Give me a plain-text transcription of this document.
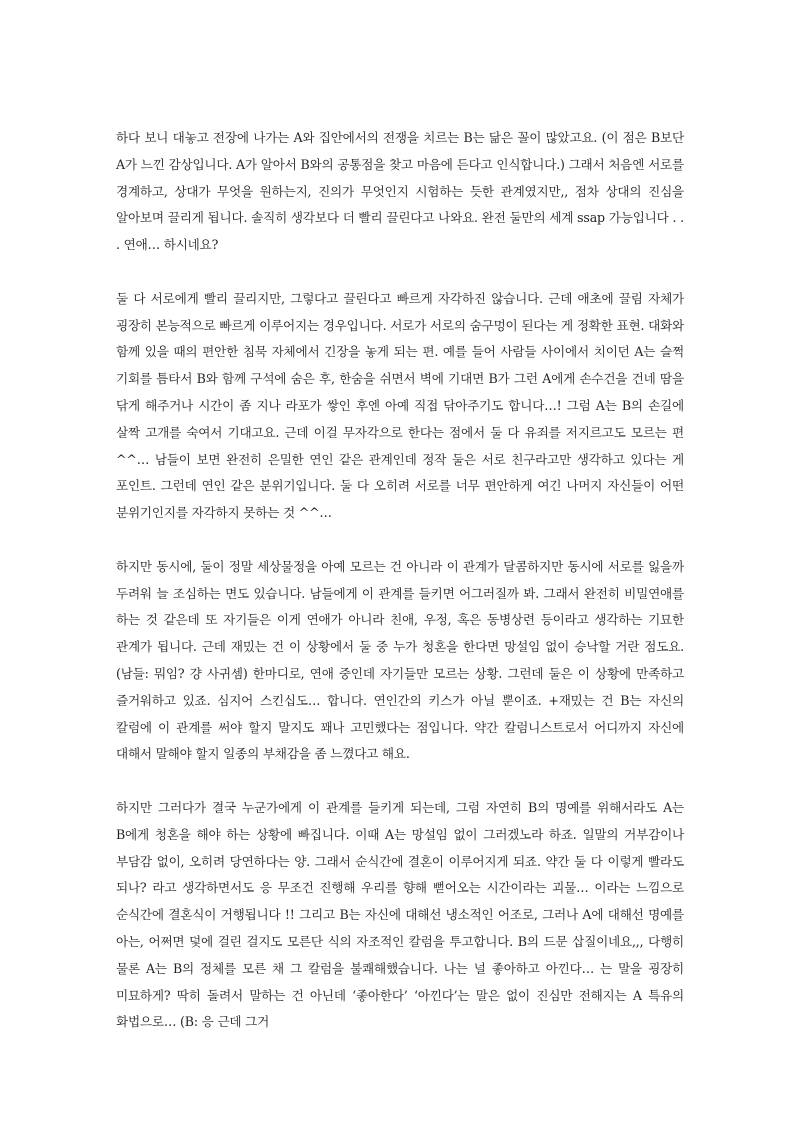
하다 보니 대놓고 전장에 나가는 A와 집안에서의 전쟁을 치르는 B는 닮은 꼴이 많았고요. (이 점은 B보단 A가 느낀 감상입니다. A가 알아서 B와의 공통점을 찾고 마음에 든다고 인식합니다.) 그래서 처음엔 서로를 경계하고, 상대가 무엇을 원하는지, 진의가 무엇인지 시험하는 듯한 관계였지만,, 점차 상대의 진심을 알아보며 끌리게 됩니다. 솔직히 생각보다 더 빨리 끌린다고 나와요. 완전 둘만의 세계 ssap 가능입니다 . . . 연애… 하시네요?

둘 다 서로에게 빨리 끌리지만, 그렇다고 끌린다고 빠르게 자각하진 않습니다. 근데 애초에 끌림 자체가 굉장히 본능적으로 빠르게 이루어지는 경우입니다. 서로가 서로의 숨구멍이 된다는 게 정확한 표현. 대화와 함께 있을 때의 편안한 침묵 자체에서 긴장을 놓게 되는 편. 예를 들어 사람들 사이에서 치이던 A는 슬쩍 기회를 틈타서 B와 함께 구석에 숨은 후, 한숨을 쉬면서 벽에 기대면 B가 그런 A에게 손수건을 건네 땀을 닦게 해주거나 시간이 좀 지나 라포가 쌓인 후엔 아예 직접 닦아주기도 합니다…! 그럼 A는 B의 손길에 살짝 고개를 숙여서 기대고요. 근데 이걸 무자각으로 한다는 점에서 둘 다 유죄를 저지르고도 모르는 편^^… 남들이 보면 완전히 은밀한 연인 같은 관계인데 정작 둘은 서로 친구라고만 생각하고 있다는 게 포인트. 그런데 연인 같은 분위기입니다. 둘 다 오히려 서로를 너무 편안하게 여긴 나머지 자신들이 어떤 분위기인지를 자각하지 못하는 것 ^^…

하지만 동시에, 둘이 정말 세상물정을 아예 모르는 건 아니라 이 관계가 달콤하지만 동시에 서로를 잃을까 두려워 늘 조심하는 면도 있습니다. 남들에게 이 관계를 들키면 어그러질까 봐. 그래서 완전히 비밀연애를 하는 것 같은데 또 자기들은 이게 연애가 아니라 친애, 우정, 혹은 동병상련 등이라고 생각하는 기묘한 관계가 됩니다. 근데 재밌는 건 이 상황에서 둘 중 누가 청혼을 한다면 망설임 없이 승낙할 거란 점도요. (남들: 뭐임? 걍 사귀셈) 한마디로, 연애 중인데 자기들만 모르는 상황. 그런데 둘은 이 상황에 만족하고 즐거워하고 있죠. 심지어 스킨십도… 합니다. 연인간의 키스가 아닐 뿐이죠. +재밌는 건 B는 자신의 칼럼에 이 관계를 써야 할지 말지도 꽤나 고민했다는 점입니다. 약간 칼럼니스트로서 어디까지 자신에 대해서 말해야 할지 일종의 부채감을 좀 느꼈다고 해요.

하지만 그러다가 결국 누군가에게 이 관계를 들키게 되는데, 그럼 자연히 B의 명예를 위해서라도 A는 B에게 청혼을 해야 하는 상황에 빠집니다. 이때 A는 망설임 없이 그러겠노라 하죠. 일말의 거부감이나 부담감 없이, 오히려 당연하다는 양. 그래서 순식간에 결혼이 이루어지게 되죠. 약간 둘 다 이렇게 빨라도 되나? 라고 생각하면서도 응 무조건 진행해 우리를 향해 뻗어오는 시간이라는 괴물… 이라는 느낌으로 순식간에 결혼식이 거행됩니다 !! 그리고 B는 자신에 대해선 냉소적인 어조로, 그러나 A에 대해선 명예를 아는, 어쩌면 덫에 걸린 걸지도 모른단 식의 자조적인 칼럼을 투고합니다. B의 드문 삽질이네요,,, 다행히 물론 A는 B의 정체를 모른 채 그 칼럼을 불쾌해했습니다. 나는 널 좋아하고 아낀다… 는 말을 굉장히 미묘하게? 딱히 돌려서 말하는 건 아닌데 ‘좋아한다’ ‘아낀다’는 말은 없이 진심만 전해지는 A 특유의 화법으로… (B: 응 근데 그거
